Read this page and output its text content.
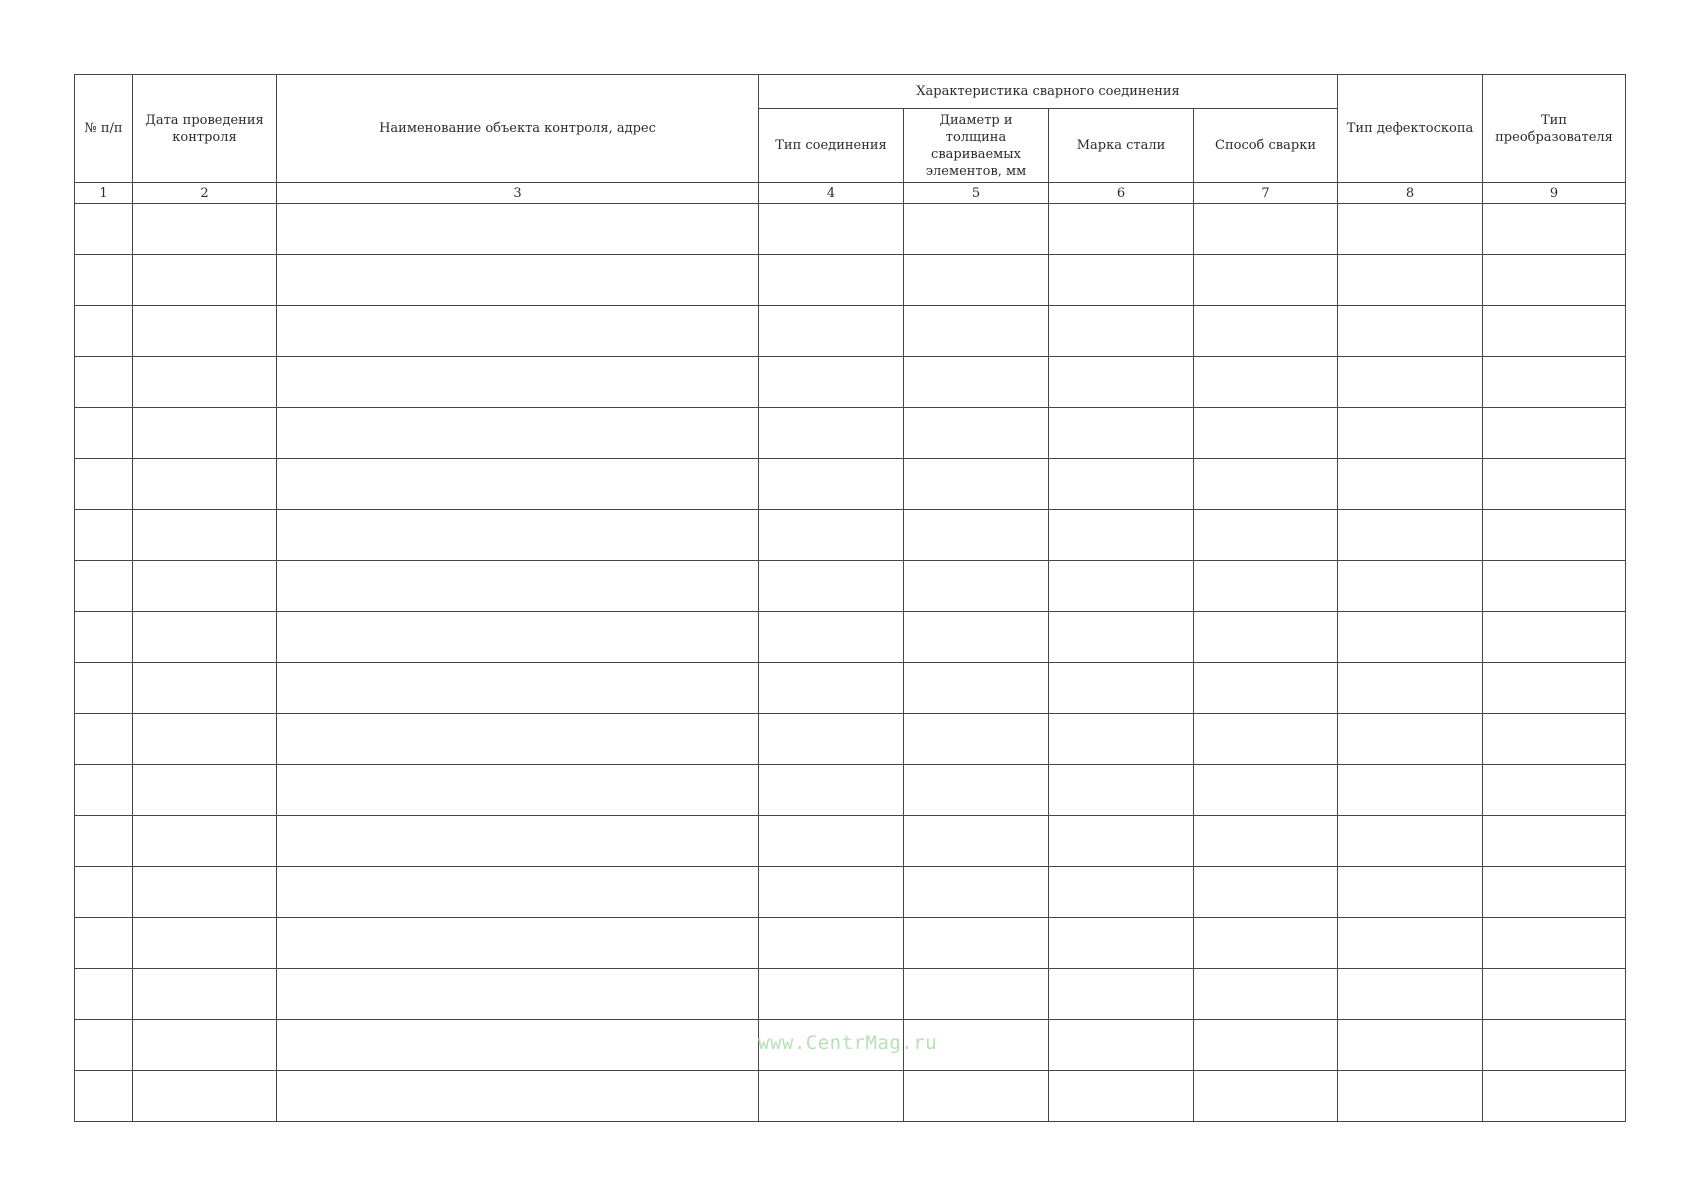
№ п/п	Дата проведения контроля	Наименование объекта контроля, адрес	Характеристика сварного соединения				Тип дефектоскопа	Тип преобразователя
			Тип соединения	Диаметр и толщина свариваемых элементов, мм	Марка стали	Способ сварки		
1	2	3	4	5	6	7	8	9

www.CentrMag.ru
